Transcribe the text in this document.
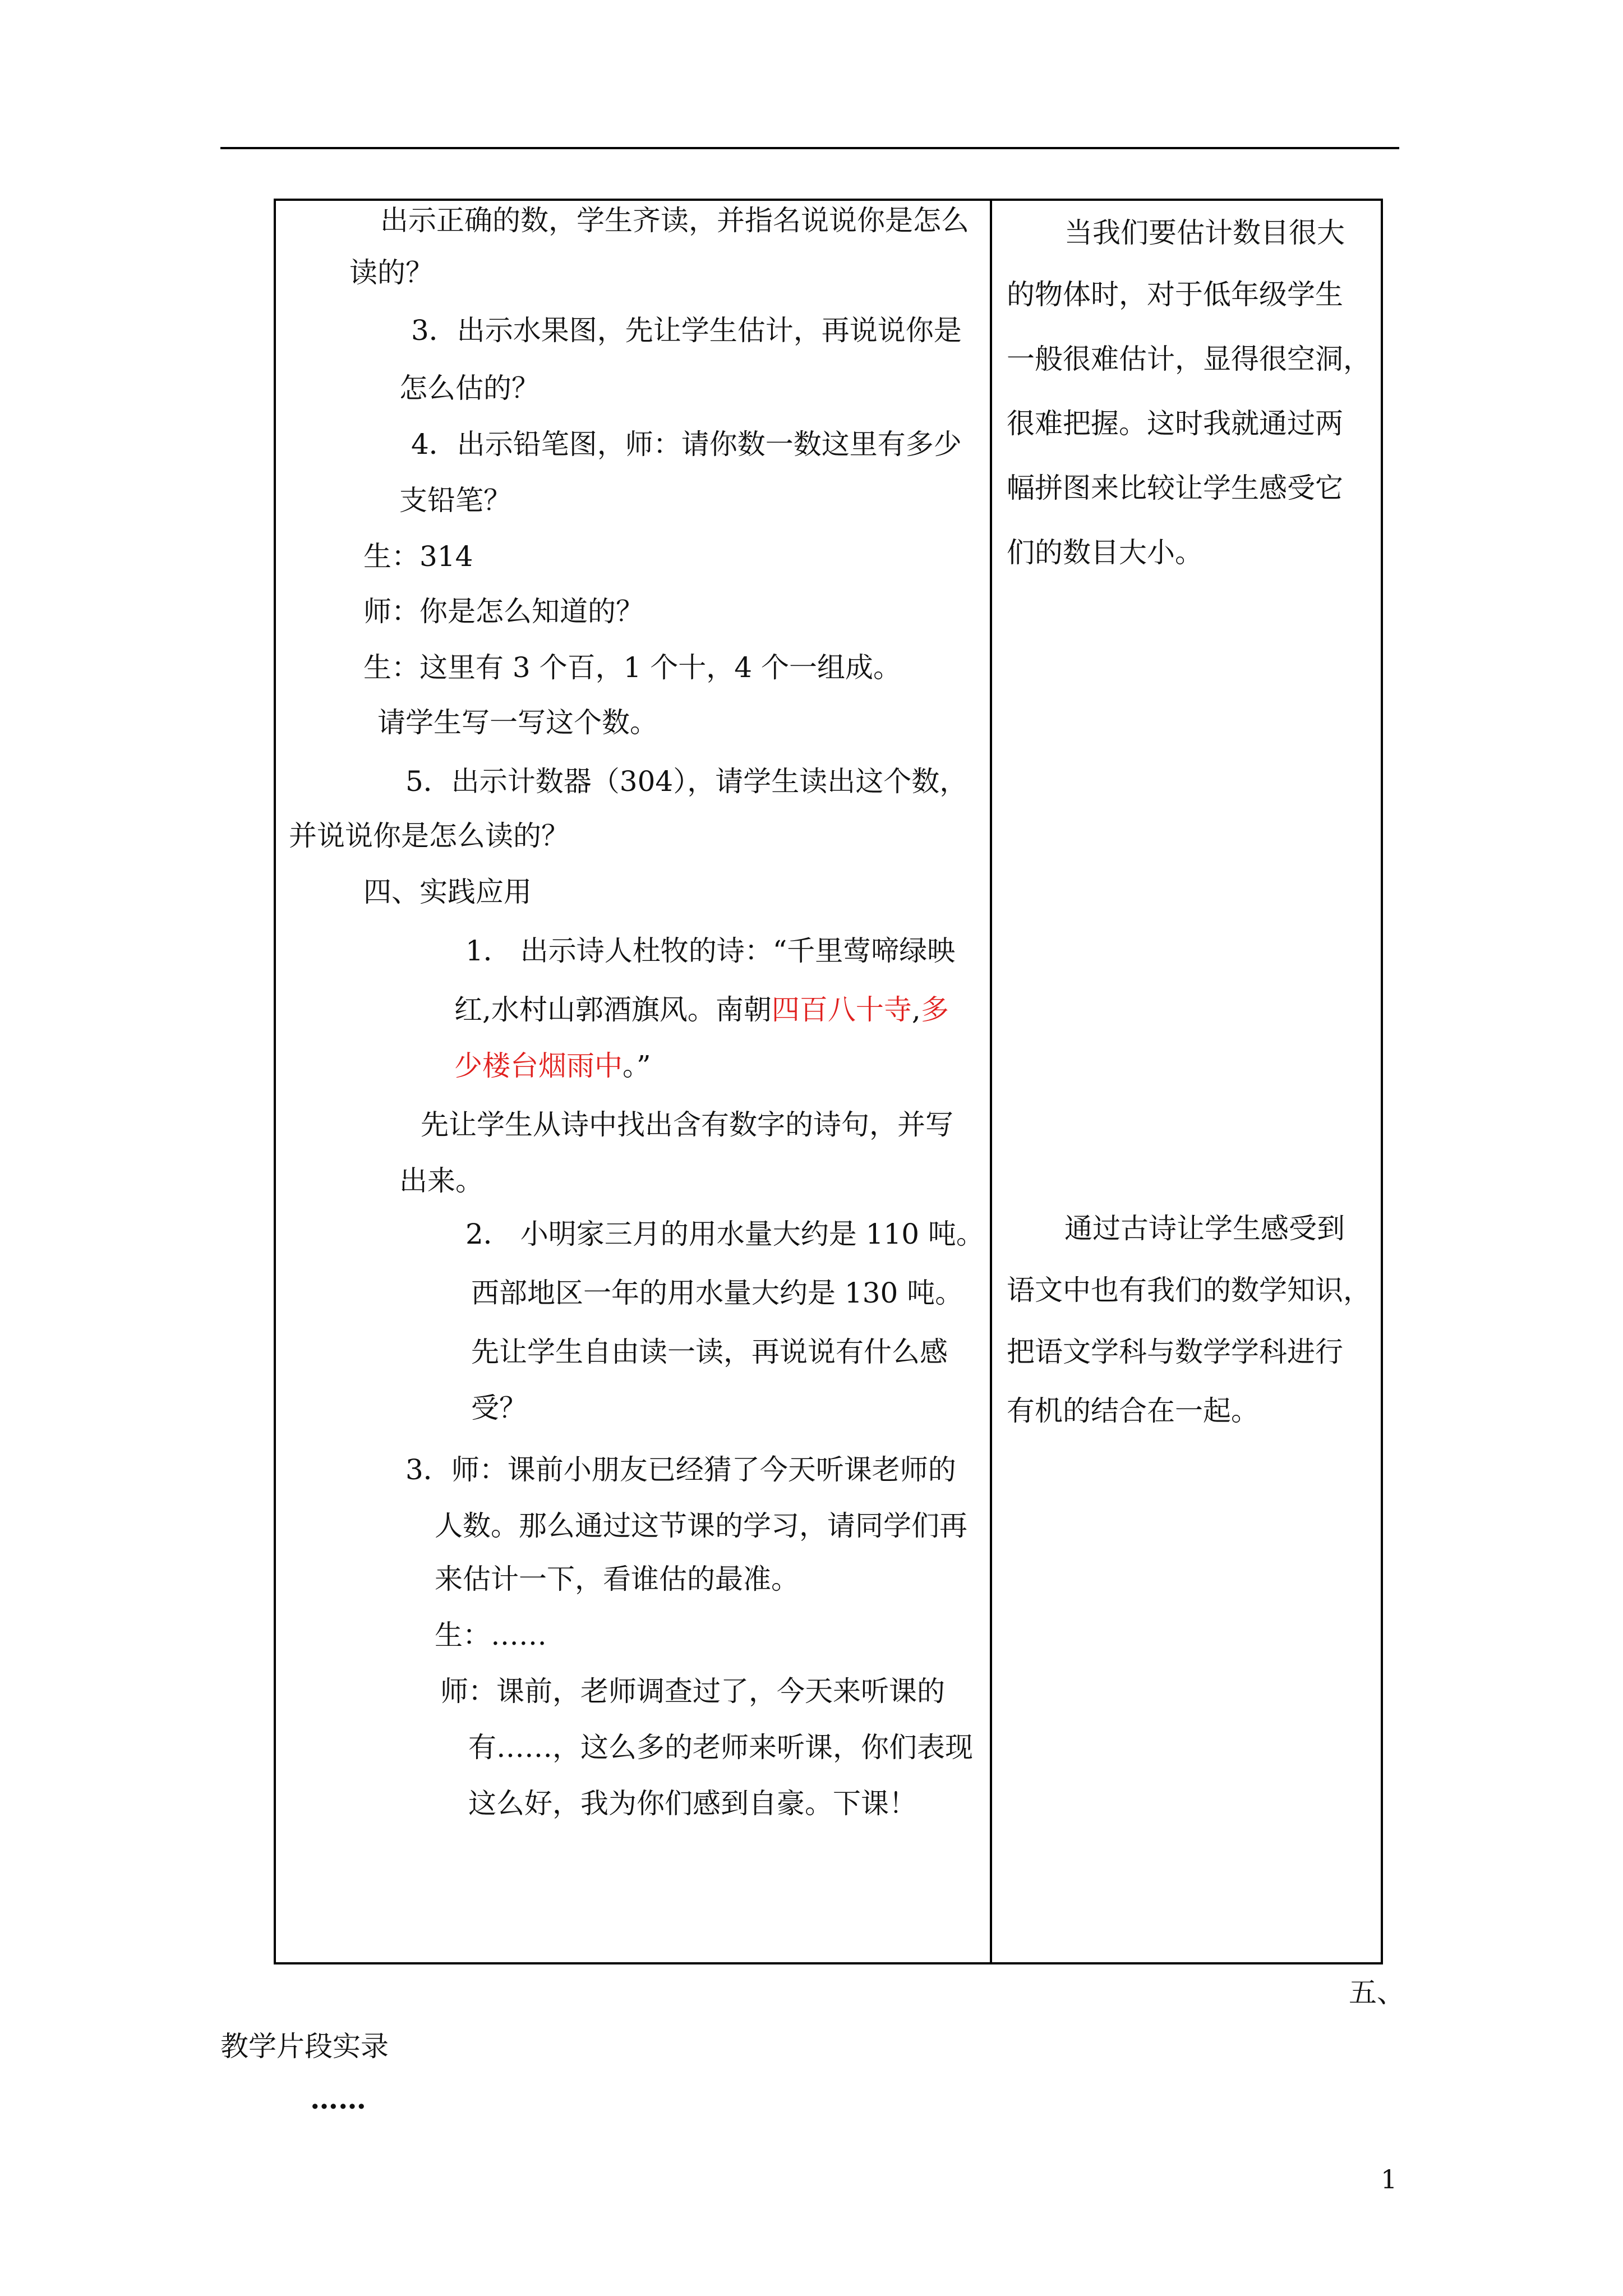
出示正确的数，学生齐读，并指名说说你是怎么
读的？
3．出示水果图，先让学生估计，再说说你是
怎么估的？
4．出示铅笔图，师：请你数一数这里有多少
支铅笔？
生：314
师：你是怎么知道的？
生：这里有 3 个百，1 个十，4 个一组成。
请学生写一写这个数。
5．出示计数器（304），请学生读出这个数，
并说说你是怎么读的？
四、实践应用
1． 出示诗人杜牧的诗：“千里莺啼绿映
红,水村山郭酒旗风。南朝四百八十寺,多
少楼台烟雨中。”
先让学生从诗中找出含有数字的诗句，并写
出来。
2． 小明家三月的用水量大约是 110 吨。
西部地区一年的用水量大约是 130 吨。
先让学生自由读一读，再说说有什么感
受？
3．师：课前小朋友已经猜了今天听课老师的
人数。那么通过这节课的学习，请同学们再
来估计一下，看谁估的最准。
生：……
师：课前，老师调查过了，今天来听课的
有……，这么多的老师来听课，你们表现
这么好，我为你们感到自豪。下课！
当我们要估计数目很大
的物体时，对于低年级学生
一般很难估计，显得很空洞，
很难把握。这时我就通过两
幅拼图来比较让学生感受它
们的数目大小。
通过古诗让学生感受到
语文中也有我们的数学知识，
把语文学科与数学学科进行
有机的结合在一起。
五、
教学片段实录
……
1
